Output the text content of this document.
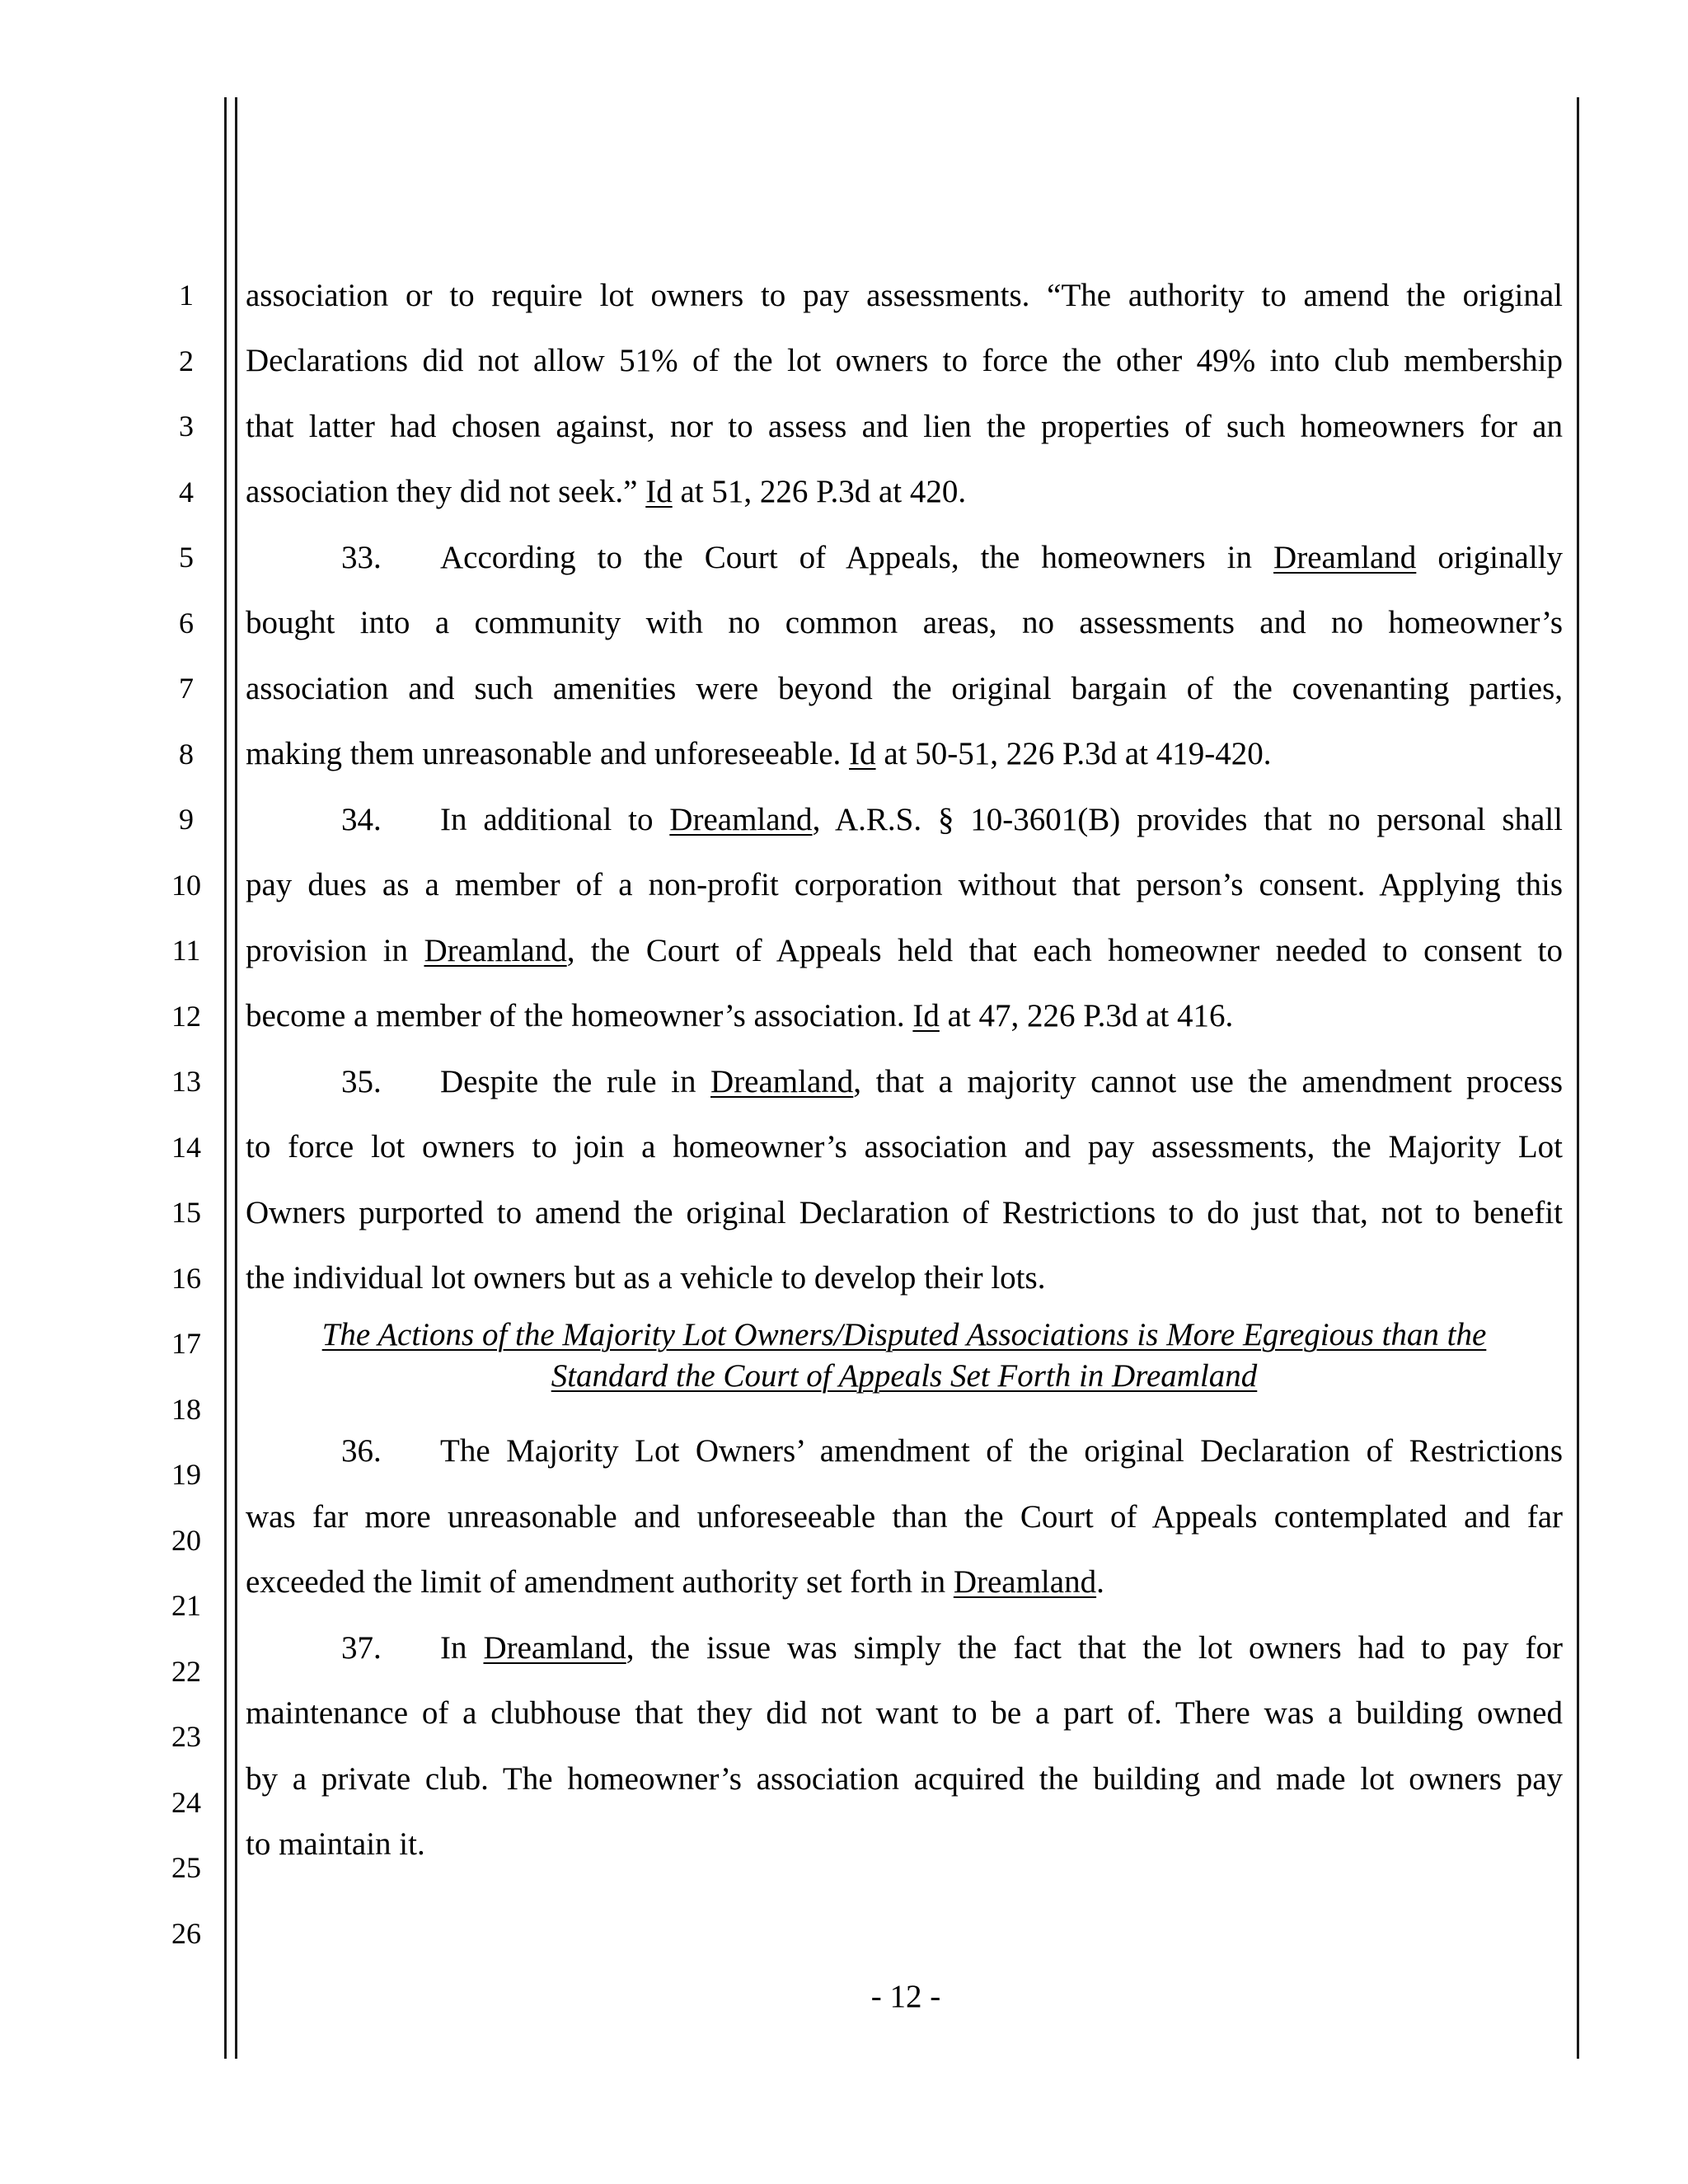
1
2
3
4
5
6
7
8
9
10
11
12
13
14
15
16
17
18
19
20
21
22
23
24
25
26
association or to require lot owners to pay assessments. “The authority to amend the original
Declarations did not allow 51% of the lot owners to force the other 49% into club membership
that latter had chosen against, nor to assess and lien the properties of such homeowners for an
association they did not seek.” Id at 51, 226 P.3d at 420.
33. According to the Court of Appeals, the homeowners in Dreamland originally
bought into a community with no common areas, no assessments and no homeowner’s
association and such amenities were beyond the original bargain of the covenanting parties,
making them unreasonable and unforeseeable. Id at 50-51, 226 P.3d at 419-420.
34. In additional to Dreamland, A.R.S. § 10-3601(B) provides that no personal shall
pay dues as a member of a non-profit corporation without that person’s consent. Applying this
provision in Dreamland, the Court of Appeals held that each homeowner needed to consent to
become a member of the homeowner’s association. Id at 47, 226 P.3d at 416.
35. Despite the rule in Dreamland, that a majority cannot use the amendment process
to force lot owners to join a homeowner’s association and pay assessments, the Majority Lot
Owners purported to amend the original Declaration of Restrictions to do just that, not to benefit
the individual lot owners but as a vehicle to develop their lots.
The Actions of the Majority Lot Owners/Disputed Associations is More Egregious than the
Standard the Court of Appeals Set Forth in Dreamland
36. The Majority Lot Owners’ amendment of the original Declaration of Restrictions
was far more unreasonable and unforeseeable than the Court of Appeals contemplated and far
exceeded the limit of amendment authority set forth in Dreamland.
37. In Dreamland, the issue was simply the fact that the lot owners had to pay for
maintenance of a clubhouse that they did not want to be a part of. There was a building owned
by a private club. The homeowner’s association acquired the building and made lot owners pay
to maintain it.
- 12 -
